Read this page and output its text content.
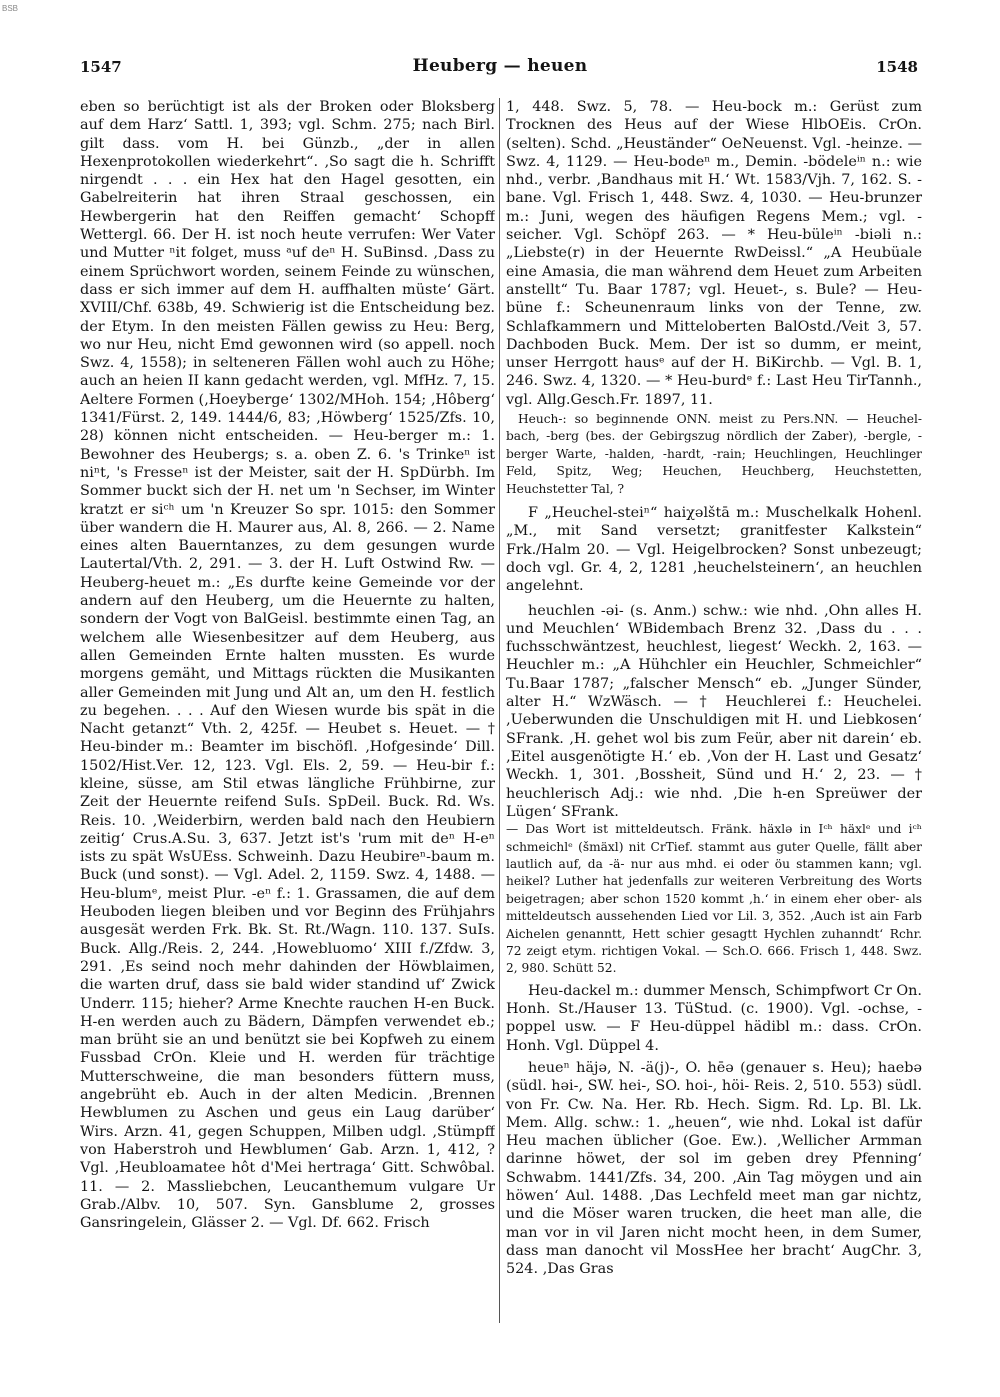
BSB
1547	Heuberg — heuen	1548

eben so berüchtigt ist als der Broken oder Bloksberg auf dem Harz‘ Sattl. 1, 393; vgl. Schm. 275; nach Birl. gilt dass. vom H. bei Günzb., „der in allen Hexenprotokollen wiederkehrt“. ‚So sagt die h. Schrifft nirgendt . . . ein Hex hat den Hagel gesotten, ein Gabelreiterin hat ihren Straal geschossen, ein Hewbergerin hat den Reiffen gemacht‘ Schopff Wettergl. 66. Der H. ist noch heute verrufen: Wer Vater und Mutter ⁿit folget, muss ᵃuf deⁿ H. SuBinsd. ‚Dass zu einem Sprüchwort worden, seinem Feinde zu wünschen, dass er sich immer auf dem H. auffhalten müste‘ Gärt. XVIII/Chf. 638b, 49. Schwierig ist die Entscheidung bez. der Etym. In den meisten Fällen gewiss zu Heu: Berg, wo nur Heu, nicht Emd gewonnen wird (so appell. noch Swz. 4, 1558); in selteneren Fällen wohl auch zu Höhe; auch an heien II kann gedacht werden, vgl. MfHz. 7, 15. Aeltere Formen (‚Hoeyberge‘ 1302/MHoh. 154; ‚Hôberg‘ 1341/Fürst. 2, 149. 1444/6, 83; ‚Höwberg‘ 1525/Zfs. 10, 28) können nicht entscheiden. — Heu-berger m.: 1. Bewohner des Heubergs; s. a. oben Z. 6. 's Trinkeⁿ ist niⁿt, 's Fresseⁿ ist der Meister, sait der H. SpDürbh. Im Sommer buckt sich der H. net um 'n Sechser, im Winter kratzt er siᶜʰ um 'n Kreuzer So spr. 1015: den Sommer über wandern die H. Maurer aus, Al. 8, 266. — 2. Name eines alten Bauerntanzes, zu dem gesungen wurde Lautertal/Vth. 2, 291. — 3. der H. Luft Ostwind Rw. — Heuberg-heuet m.: „Es durfte keine Gemeinde vor der andern auf den Heuberg, um die Heuernte zu halten, sondern der Vogt von BalGeisl. bestimmte einen Tag, an welchem alle Wiesenbesitzer auf dem Heuberg, aus allen Gemeinden Ernte halten mussten. Es wurde morgens gemäht, und Mittags rückten die Musikanten aller Gemeinden mit Jung und Alt an, um den H. festlich zu begehen. . . . Auf den Wiesen wurde bis spät in die Nacht getanzt“ Vth. 2, 425f. — Heubet s. Heuet. — † Heu-binder m.: Beamter im bischöfl. ‚Hofgesinde‘ Dill. 1502/Hist.Ver. 12, 123. Vgl. Els. 2, 59. — Heu-bir f.: kleine, süsse, am Stil etwas längliche Frühbirne, zur Zeit der Heuernte reifend SuIs. SpDeil. Buck. Rd. Ws. Reis. 10. ‚Weiderbirn, werden bald nach den Heubiern zeitig‘ Crus.A.Su. 3, 637. Jetzt ist's 'rum mit deⁿ H-eⁿ ists zu spät WsUEss. Schweinh. Dazu Heubireⁿ-baum m. Buck (und sonst). — Vgl. Adel. 2, 1159. Swz. 4, 1488. — Heu-blumᵉ, meist Plur. -eⁿ f.: 1. Grassamen, die auf dem Heuboden liegen bleiben und vor Beginn des Frühjahrs ausgesät werden Frk. Bk. St. Rt./Wagn. 110. 137. SuIs. Buck. Allg./Reis. 2, 244. ‚Howebluomo‘ XIII f./Zfdw. 3, 291. ‚Es seind noch mehr dahinden der Höwblaimen, die warten druf, dass sie bald wider standind uf‘ Zwick Underr. 115; hieher? Arme Knechte rauchen H-en Buck. H-en werden auch zu Bädern, Dämpfen verwendet eb.; man brüht sie an und benützt sie bei Kopfweh zu einem Fussbad CrOn. Kleie und H. werden für trächtige Mutterschweine, die man besonders füttern muss, angebrüht eb. Auch in der alten Medicin. ‚Brennen Hewblumen zu Aschen und geus ein Laug darüber‘ Wirs. Arzn. 41, gegen Schuppen, Milben udgl. ‚Stümpff von Haberstroh und Hewblumen‘ Gab. Arzn. 1, 412, ? Vgl. ‚Heubloamatee hôt d'Mei hertraga‘ Gitt. Schwôbal. 11. — 2. Massliebchen, Leucanthemum vulgare Ur Grab./Albv. 10, 507. Syn. Gansblume 2, grosses Gansringelein, Glässer 2. — Vgl. Df. 662. Frisch

1, 448. Swz. 5, 78. — Heu-bock m.: Gerüst zum Trocknen des Heus auf der Wiese HlbOEis. CrOn. (selten). Schd. „Heuständer“ OeNeuenst. Vgl. -heinze. — Swz. 4, 1129. — Heu-bodeⁿ m., Demin. -bödeleⁱⁿ n.: wie nhd., verbr. ‚Bandhaus mit H.‘ Wt. 1583/Vjh. 7, 162. S. -bane. Vgl. Frisch 1, 448. Swz. 4, 1030. — Heu-brunzer m.: Juni, wegen des häufigen Regens Mem.; vgl. -seicher. Vgl. Schöpf 263. — * Heu-büleⁱⁿ -biəli n.: „Liebste(r) in der Heuernte RwDeissl.“ „A Heubüale eine Amasia, die man während dem Heuet zum Arbeiten anstellt“ Tu. Baar 1787; vgl. Heuet-, s. Bule? — Heu-büne f.: Scheunenraum links von der Tenne, zw. Schlafkammern und Mitteloberten BalOstd./Veit 3, 57. Dachboden Buck. Mem. Der ist so dumm, er meint, unser Herrgott hausᵉ auf der H. BiKirchb. — Vgl. B. 1, 246. Swz. 4, 1320. — * Heu-burdᵉ f.: Last Heu TirTannh., vgl. Allg.Gesch.Fr. 1897, 11.

Heuch-: so beginnende ONN. meist zu Pers.NN. — Heuchel-bach, -berg (bes. der Gebirgszug nördlich der Zaber), -bergle, -berger Warte, -halden, -hardt, -rain; Heuchlingen, Heuchlinger Feld, Spitz, Weg; Heuchen, Heuchberg, Heuchstetten, Heuchstetter Tal, ?

F „Heuchel-steiⁿ“ haiχəlštā m.: Muschelkalk Hohenl. „M., mit Sand versetzt; granitfester Kalkstein“ Frk./Halm 20. — Vgl. Heigelbrocken? Sonst unbezeugt; doch vgl. Gr. 4, 2, 1281 ‚heuchelsteinern‘, an heuchlen angelehnt.

heuchlen -əi- (s. Anm.) schw.: wie nhd. ‚Ohn alles H. und Meuchlen‘ WBidembach Brenz 32. ‚Dass du . . . fuchsschwäntzest, heuchlest, liegest‘ Weckh. 2, 163. — Heuchler m.: „A Hühchler ein Heuchler, Schmeichler“ Tu.Baar 1787; „falscher Mensch“ eb. „Junger Sünder, alter H.“ WzWäsch. — † Heuchlerei f.: Heuchelei. ‚Ueberwunden die Unschuldigen mit H. und Liebkosen‘ SFrank. ‚H. gehet wol bis zum Feür, aber nit darein‘ eb. ‚Eitel ausgenötigte H.‘ eb. ‚Von der H. Last und Gesatz‘ Weckh. 1, 301. ‚Bossheit, Sünd und H.‘ 2, 23. — † heuchlerisch Adj.: wie nhd. ‚Die h-en Spreüwer der Lügen‘ SFrank.

— Das Wort ist mitteldeutsch. Fränk. häxlə in Iᶜʰ häxlᵉ und iᶜʰ schmeichlᵉ (šmäxl) nit CrTief. stammt aus guter Quelle, fällt aber lautlich auf, da -ä- nur aus mhd. ei oder öu stammen kann; vgl. heikel? Luther hat jedenfalls zur weiteren Verbreitung des Worts beigetragen; aber schon 1520 kommt ‚h.‘ in einem eher ober- als mitteldeutsch aussehenden Lied vor Lil. 3, 352. ‚Auch ist ain Farb Aichelen genanntt, Hett schier gesagtt Hychlen zuhanndt‘ Rchr. 72 zeigt etym. richtigen Vokal. — Sch.O. 666. Frisch 1, 448. Swz. 2, 980. Schütt 52.

Heu-dackel m.: dummer Mensch, Schimpfwort Cr On. Honh. St./Hauser 13. TüStud. (c. 1900). Vgl. -ochse, -poppel usw. — F Heu-düppel hädibl m.: dass. CrOn. Honh. Vgl. Düppel 4.

heueⁿ häjə, N. -ä(j)-, O. hēə (genauer s. Heu); haebə (südl. həi-, SW. hei-, SO. hoi-, höi- Reis. 2, 510. 553) südl. von Fr. Cw. Na. Her. Rb. Hech. Sigm. Rd. Lp. Bl. Lk. Mem. Allg. schw.: 1. „heuen“, wie nhd. Lokal ist dafür Heu machen üblicher (Goe. Ew.). ‚Wellicher Armman darinne höwet, der sol im geben drey Pfenning‘ Schwabm. 1441/Zfs. 34, 200. ‚Ain Tag möygen und ain höwen‘ Aul. 1488. ‚Das Lechfeld meet man gar nichtz, und die Möser waren trucken, die heet man alle, die man vor in vil Jaren nicht mocht heen, in dem Sumer, dass man danocht vil MossHee her bracht‘ AugChr. 3, 524. ‚Das Gras
